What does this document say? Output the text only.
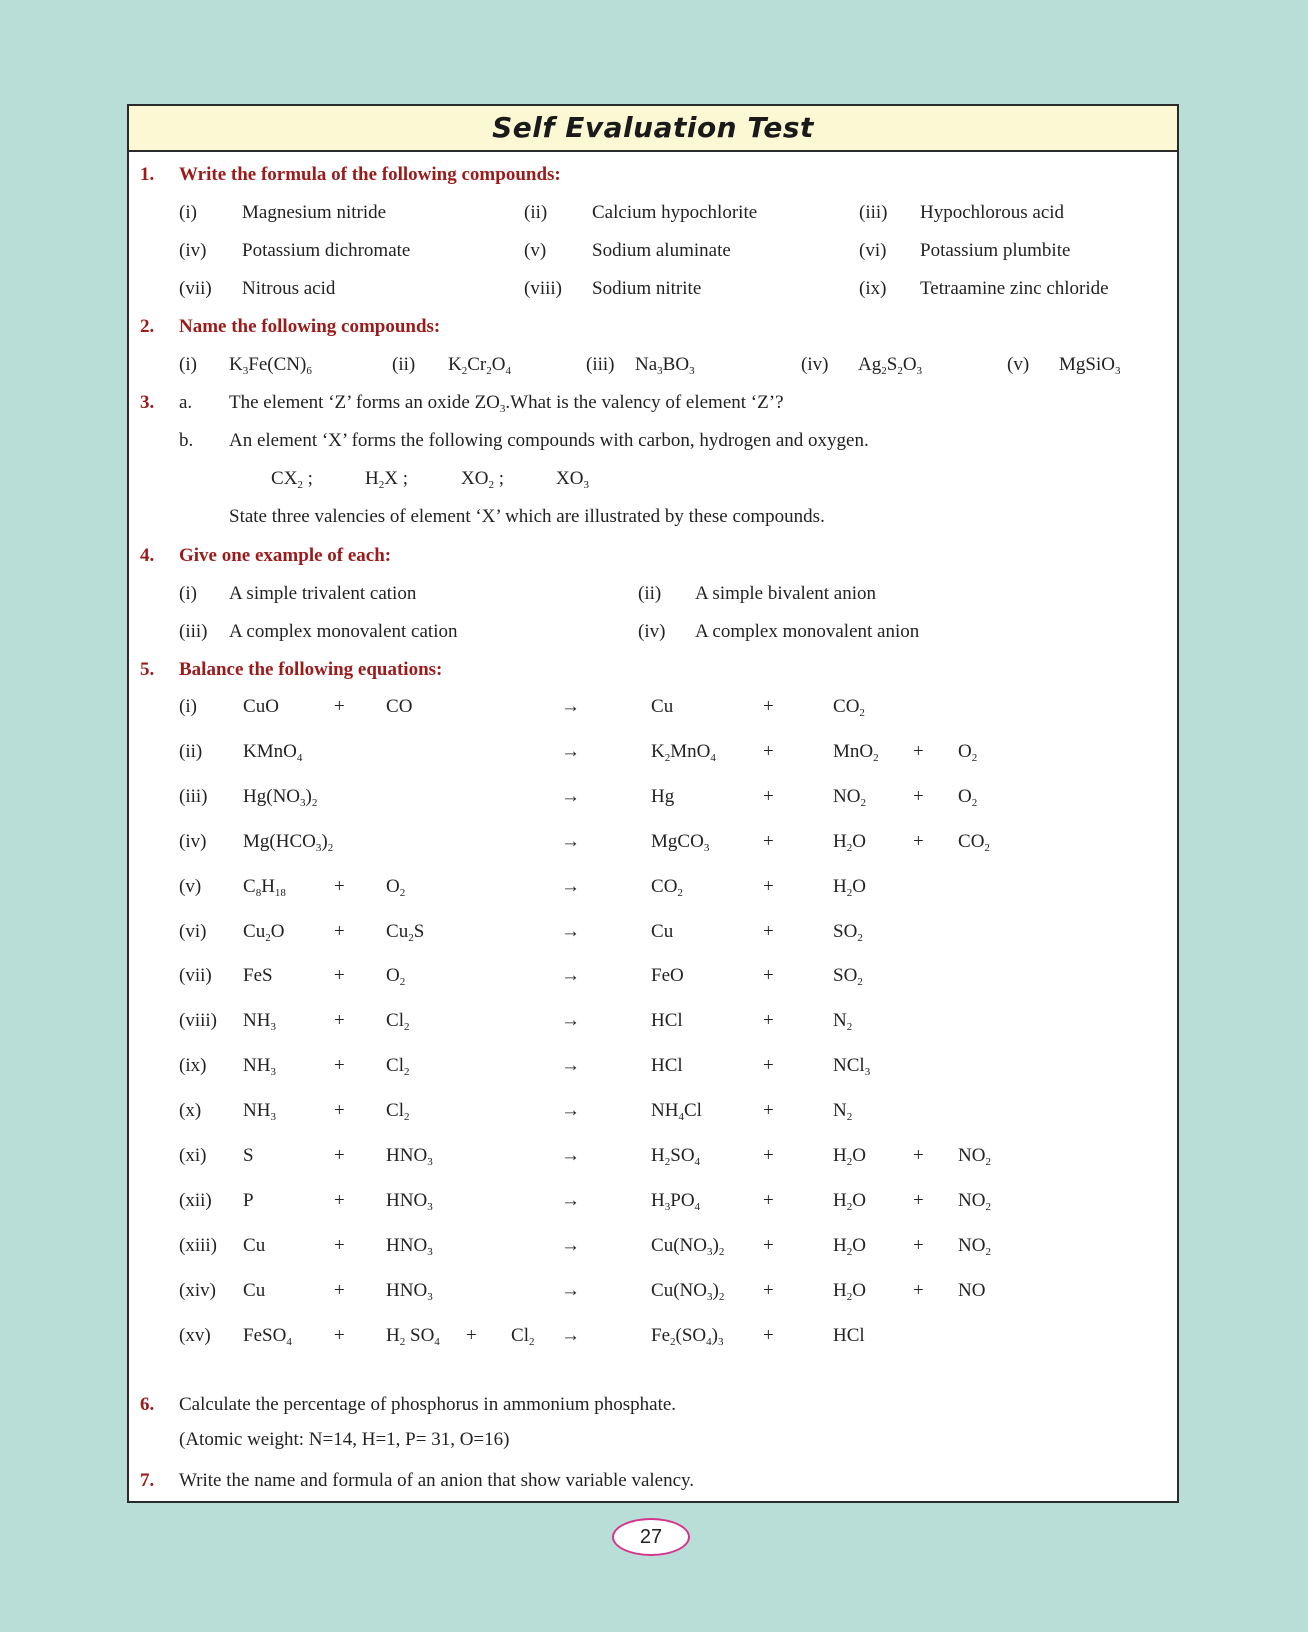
Self Evaluation Test
1. Write the formula of the following compounds:
(i) Magnesium nitride	(ii) Calcium hypochlorite	(iii) Hypochlorous acid
(iv) Potassium dichromate	(v) Sodium aluminate	(vi) Potassium plumbite
(vii) Nitrous acid	(viii) Sodium nitrite	(ix) Tetraamine zinc chloride
2. Name the following compounds:
(i) $K_3Fe(CN)_6$	(ii) $K_2Cr_2O_4$	(iii) $Na_3BO_3$	(iv) $Ag_2S_2O_3$	(v) MgSiO$_3$
3. a. The element ‘Z’ forms an oxide $ZO_3.What$ is the valency of element ‘Z’?
b. An element ‘X’ forms the following compounds with carbon, hydrogen and oxygen.
$CX_2$ ;	$H_2X$ ;	$XO_2$ ;	$XO_3$
State three valencies of element ‘X’ which are illustrated by these compounds.
4. Give one example of each:
(i) A simple trivalent cation	(ii) A simple bivalent anion
(iii) A complex monovalent cation	(iv) A complex monovalent anion
5. Balance the following equations:
(i) CuO	+ CO	→	Cu	+	$CO_2$
(ii) KMnO$_4$	→	$K_2MnO_4$ +	$MnO_2 + O_2$
(iii) $Hg(NO_3)_2$	→	Hg	+	$NO_2 + O_2$
(iv) $Mg(HCO_3)_2$	→	MgCO$_3$	+	$H_2O + CO_2$
(v) $C_8H_{18}$	+ $O_2$	→	$CO_2$	+	$H_2O$
(vi) $Cu_2O$	+ $Cu_2S$	→	Cu	+	$SO_2$
(vii) FeS	+ $O_2$	→	FeO	+	$SO_2$
(viii) $NH_3$	+ $Cl_2$	→	HCl	+	$N_2$
(ix) $NH_3$	+ $Cl_2$	→	HCl	+	NCl$_3$
(x) $NH_3$	+ $Cl_2$	→	$NH_4Cl$	+	$N_2$
(xi) S	+ $HNO_3$	→	$H_2SO_4$	+	$H_2O + NO_2$
(xii) P	+ $HNO_3$	→	$H_3PO_4$	+	$H_2O + NO_2$
(xiii) Cu	+ $HNO_3$	→	$Cu(NO_3)_2$ +	$H_2O + NO_2$
(xiv) Cu	+ $HNO_3$	→	$Cu(NO_3)_2$ +	$H_2O$ + NO
(xv) FeSO$_4$ + $H_2$ $SO_4 + Cl_2$ →	$Fe_2(SO_4)_3$ +	HCl
6. Calculate the percentage of phosphorus in ammonium phosphate.
(Atomic weight: N=14, H=1, P= 31, O=16)
7. Write the name and formula of an anion that show variable valency.
27
